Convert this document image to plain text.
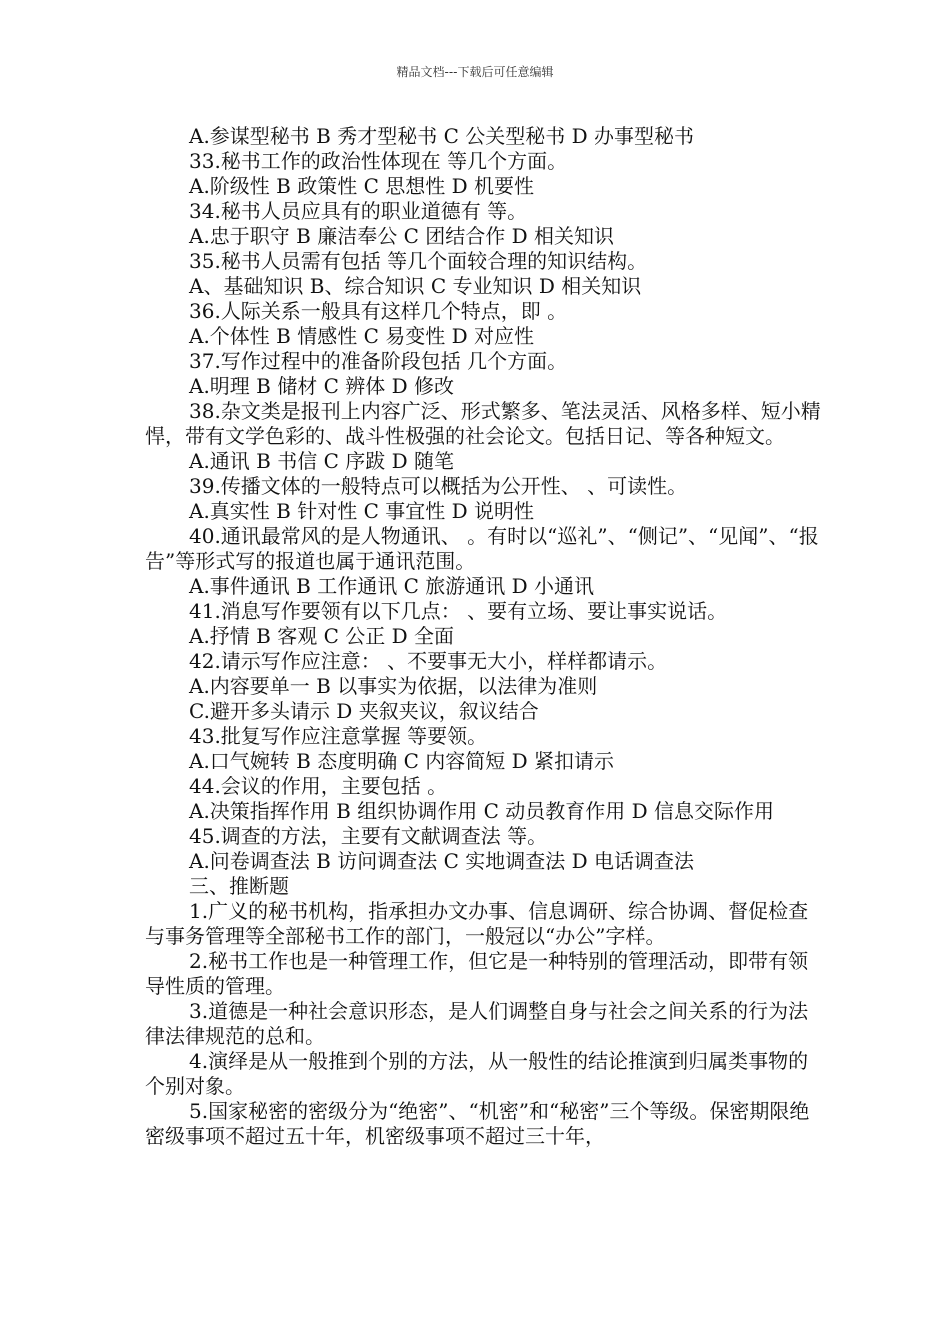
精品文档---下载后可任意编辑

A.参谋型秘书 B 秀才型秘书 C 公关型秘书 D 办事型秘书

33.秘书工作的政治性体现在 等几个方面。

A.阶级性 B 政策性 C 思想性 D 机要性

34.秘书人员应具有的职业道德有 等。

A.忠于职守 B 廉洁奉公 C 团结合作 D 相关知识

35.秘书人员需有包括 等几个面较合理的知识结构。

A、基础知识 B、综合知识 C 专业知识 D 相关知识

36.人际关系一般具有这样几个特点，即 。

A.个体性 B 情感性 C 易变性 D 对应性

37.写作过程中的准备阶段包括 几个方面。

A.明理 B 储材 C 辨体 D 修改

38.杂文类是报刊上内容广泛、形式繁多、笔法灵活、风格多样、短小精悍，带有文学色彩的、战斗性极强的社会论文。包括日记、等各种短文。

A.通讯 B 书信 C 序跋 D 随笔

39.传播文体的一般特点可以概括为公开性、 、可读性。

A.真实性 B 针对性 C 事宜性 D 说明性

40.通讯最常风的是人物通讯、 。有时以“巡礼”、“侧记”、“见闻”、“报告”等形式写的报道也属于通讯范围。

A.事件通讯 B 工作通讯 C 旅游通讯 D 小通讯

41.消息写作要领有以下几点： 、要有立场、要让事实说话。

A.抒情 B 客观 C 公正 D 全面

42.请示写作应注意： 、不要事无大小，样样都请示。

A.内容要单一 B 以事实为依据，以法律为准则

C.避开多头请示 D 夹叙夹议，叙议结合

43.批复写作应注意掌握 等要领。

A.口气婉转 B 态度明确 C 内容简短 D 紧扣请示

44.会议的作用，主要包括 。

A.决策指挥作用 B 组织协调作用 C 动员教育作用 D 信息交际作用

45.调查的方法，主要有文献调查法 等。

A.问卷调查法 B 访问调查法 C 实地调查法 D 电话调查法

三、推断题

1.广义的秘书机构，指承担办文办事、信息调研、综合协调、督促检查与事务管理等全部秘书工作的部门，一般冠以“办公”字样。

2.秘书工作也是一种管理工作，但它是一种特别的管理活动，即带有领导性质的管理。

3.道德是一种社会意识形态，是人们调整自身与社会之间关系的行为法律法律规范的总和。

4.演绎是从一般推到个别的方法，从一般性的结论推演到归属类事物的个别对象。

5.国家秘密的密级分为“绝密”、“机密”和“秘密”三个等级。保密期限绝密级事项不超过五十年，机密级事项不超过三十年，
